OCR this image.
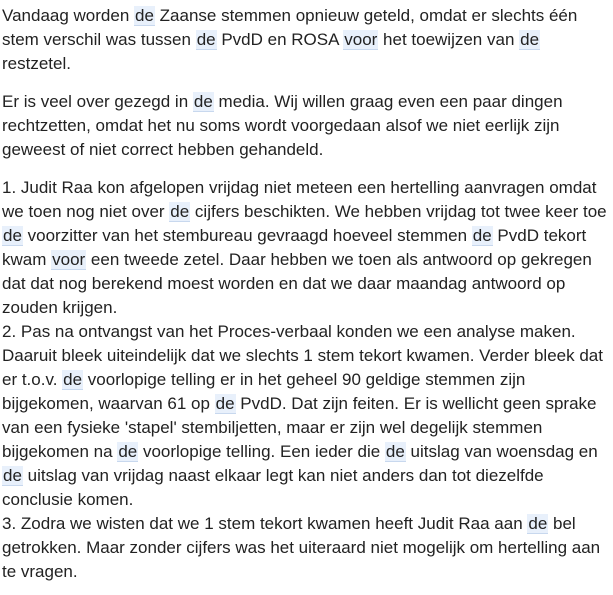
Vandaag worden de Zaanse stemmen opnieuw geteld, omdat er slechts één stem verschil was tussen de PvdD en ROSA voor het toewijzen van de restzetel.

Er is veel over gezegd in de media. Wij willen graag even een paar dingen rechtzetten, omdat het nu soms wordt voorgedaan alsof we niet eerlijk zijn geweest of niet correct hebben gehandeld.

1. Judit Raa kon afgelopen vrijdag niet meteen een hertelling aanvragen omdat we toen nog niet over de cijfers beschikten. We hebben vrijdag tot twee keer toe de voorzitter van het stembureau gevraagd hoeveel stemmen de PvdD tekort kwam voor een tweede zetel. Daar hebben we toen als antwoord op gekregen dat dat nog berekend moest worden en dat we daar maandag antwoord op zouden krijgen.
2. Pas na ontvangst van het Proces-verbaal konden we een analyse maken. Daaruit bleek uiteindelijk dat we slechts 1 stem tekort kwamen. Verder bleek dat er t.o.v. de voorlopige telling er in het geheel 90 geldige stemmen zijn bijgekomen, waarvan 61 op de PvdD. Dat zijn feiten. Er is wellicht geen sprake van een fysieke 'stapel' stembiljetten, maar er zijn wel degelijk stemmen bijgekomen na de voorlopige telling. Een ieder die de uitslag van woensdag en de uitslag van vrijdag naast elkaar legt kan niet anders dan tot diezelfde conclusie komen.
3. Zodra we wisten dat we 1 stem tekort kwamen heeft Judit Raa aan de bel getrokken. Maar zonder cijfers was het uiteraard niet mogelijk om hertelling aan te vragen.
